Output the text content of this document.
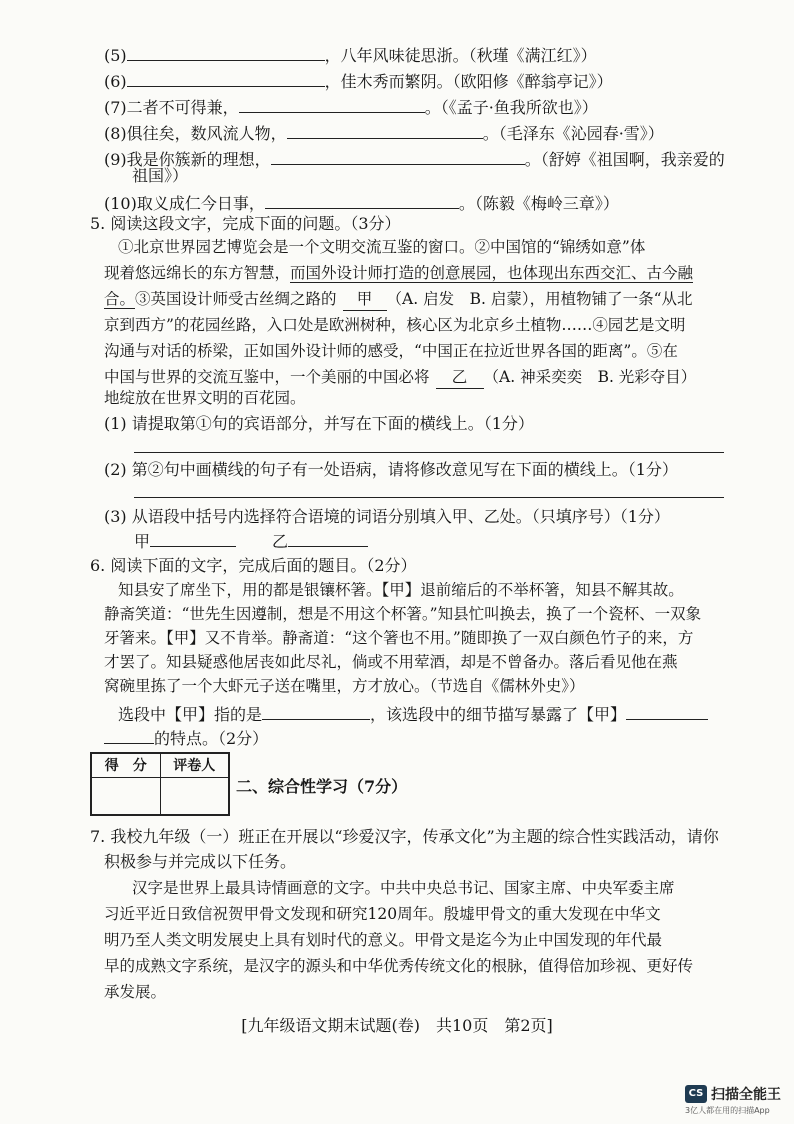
(5)	，八年风味徒思浙。（秋瑾《满江红》）
(6)	，佳木秀而繁阴。（欧阳修《醉翁亭记》）
(7)二者不可得兼，	。（《孟子·鱼我所欲也》）
(8)俱往矣，数风流人物，	。（毛泽东《沁园春·雪》）
(9)我是你簇新的理想，	。（舒婷《祖国啊，我亲爱的
祖国》）
(10)取义成仁今日事，	。（陈毅《梅岭三章》）
5. 阅读这段文字，完成下面的问题。（3分）
①北京世界园艺博览会是一个文明交流互鉴的窗口。②中国馆的“锦绣如意”体
现着悠远绵长的东方智慧，而国外设计师打造的创意展园，也体现出东西交汇、古今融
合。③英国设计师受古丝绸之路的 甲 （A. 启发　B. 启蒙），用植物铺了一条“从北
京到西方”的花园丝路，入口处是欧洲树种，核心区为北京乡土植物……④园艺是文明
沟通与对话的桥梁，正如国外设计师的感受，“中国正在拉近世界各国的距离”。⑤在
中国与世界的交流互鉴中，一个美丽的中国必将 乙 （A. 神采奕奕　B. 光彩夺目）
地绽放在世界文明的百花园。
(1) 请提取第①句的宾语部分，并写在下面的横线上。（1分）
(2) 第②句中画横线的句子有一处语病，请将修改意见写在下面的横线上。（1分）
(3) 从语段中括号内选择符合语境的词语分别填入甲、乙处。（只填序号）（1分）
甲	乙
6. 阅读下面的文字，完成后面的题目。（2分）
知县安了席坐下，用的都是银镶杯箸。【甲】退前缩后的不举杯箸，知县不解其故。
静斋笑道：“世先生因遵制，想是不用这个杯箸。”知县忙叫换去，换了一个瓷杯、一双象
牙箸来。【甲】又不肯举。静斋道：“这个箸也不用。”随即换了一双白颜色竹子的来，方
才罢了。知县疑惑他居丧如此尽礼，倘或不用荤酒，却是不曾备办。落后看见他在燕
窝碗里拣了一个大虾元子送在嘴里，方才放心。（节选自《儒林外史》）
选段中【甲】指的是	，该选段中的细节描写暴露了【甲】
的特点。（2分）
得　分	评卷人

二、综合性学习（7分）
7. 我校九年级（一）班正在开展以“珍爱汉字，传承文化”为主题的综合性实践活动，请你
积极参与并完成以下任务。
汉字是世界上最具诗情画意的文字。中共中央总书记、国家主席、中央军委主席
习近平近日致信祝贺甲骨文发现和研究120周年。殷墟甲骨文的重大发现在中华文
明乃至人类文明发展史上具有划时代的意义。甲骨文是迄今为止中国发现的年代最
早的成熟文字系统，是汉字的源头和中华优秀传统文化的根脉，值得倍加珍视、更好传
承发展。
[九年级语文期末试题(卷)　共10页　第2页]
CS 扫描全能王
3亿人都在用的扫描App
